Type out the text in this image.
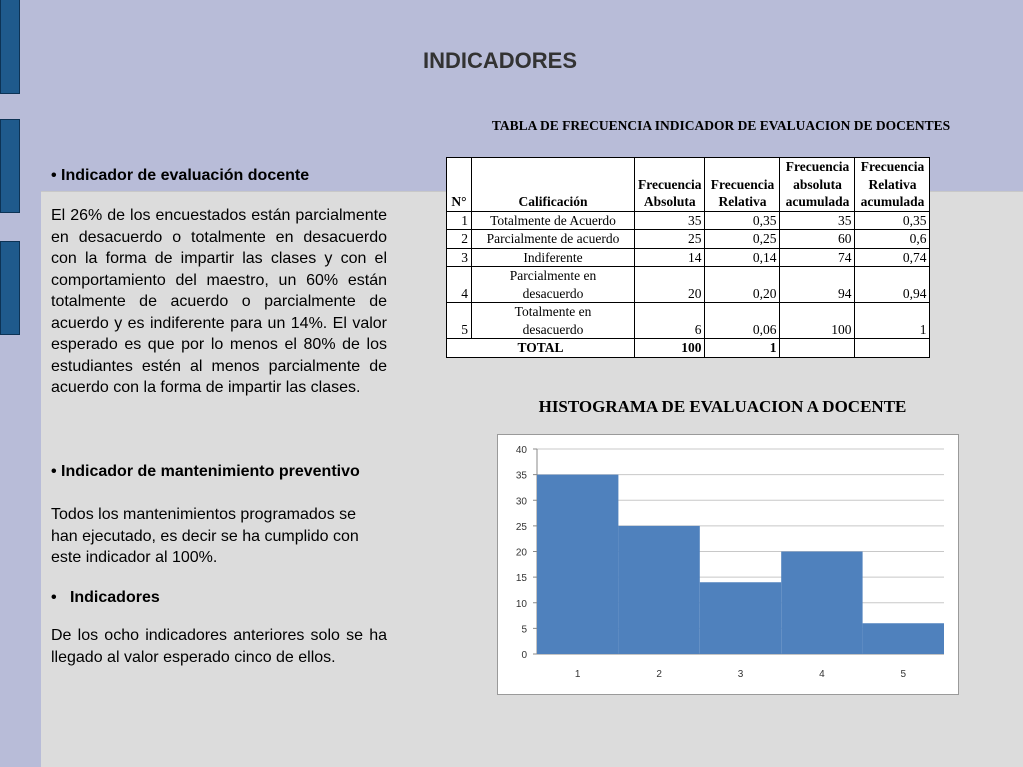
INDICADORES
TABLA DE FRECUENCIA INDICADOR DE EVALUACION DE DOCENTES
• Indicador de evaluación docente
El 26% de los encuestados están parcialmente en desacuerdo o totalmente en desacuerdo con la forma de impartir las clases y con el comportamiento del maestro, un 60% están totalmente de acuerdo o parcialmente de acuerdo y es indiferente para un 14%. El valor esperado es que por lo menos el 80% de los estudiantes estén al menos parcialmente de acuerdo con la forma de impartir las clases.
• Indicador de mantenimiento preventivo
Todos los mantenimientos programados se han ejecutado, es decir se ha cumplido con este indicador al 100%.
•   Indicadores
De los ocho indicadores anteriores solo se ha llegado al valor esperado cinco de ellos.
N°	Calificación	Frecuencia Absoluta	Frecuencia Relativa	Frecuencia absoluta acumulada	Frecuencia Relativa acumulada
1	Totalmente de Acuerdo	35	0,35	35	0,35
2	Parcialmente de acuerdo	25	0,25	60	0,6
3	Indiferente	14	0,14	74	0,74
4	Parcialmente en desacuerdo	20	0,20	94	0,94
5	Totalmente en desacuerdo	6	0,06	100	1
TOTAL		100	1		
HISTOGRAMA DE EVALUACION A DOCENTE
0
5
10
15
20
25
30
35
40
1	2	3	4	5
